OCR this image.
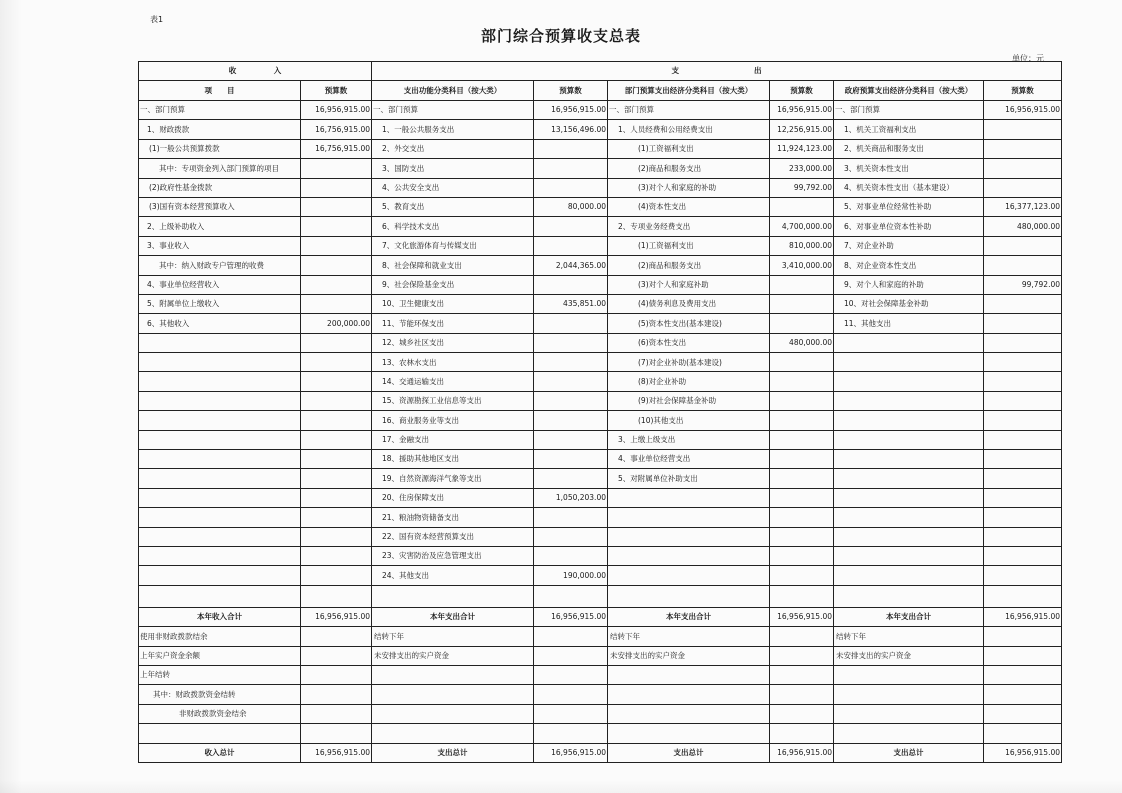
表1
部门综合预算收支总表
单位：元
收　　　　　入		支　　　　　　　　　　出					
项　　目	预算数	支出功能分类科目（按大类）	预算数	部门预算支出经济分类科目（按大类）	预算数	政府预算支出经济分类科目（按大类）	预算数
一、部门预算	16,956,915.00	一、部门预算	16,956,915.00	一、部门预算	16,956,915.00	一、部门预算	16,956,915.00
1、财政拨款	16,756,915.00	1、一般公共服务支出	13,156,496.00	1、人员经费和公用经费支出	12,256,915.00	1、机关工资福利支出	
(1)一般公共预算拨款	16,756,915.00	2、外交支出		(1)工资福利支出	11,924,123.00	2、机关商品和服务支出	
其中：专项资金列入部门预算的项目		3、国防支出		(2)商品和服务支出	233,000.00	3、机关资本性支出	
(2)政府性基金拨款		4、公共安全支出		(3)对个人和家庭的补助	99,792.00	4、机关资本性支出（基本建设）	
(3)国有资本经营预算收入		5、教育支出	80,000.00	(4)资本性支出		5、对事业单位经常性补助	16,377,123.00
2、上级补助收入		6、科学技术支出		2、专项业务经费支出	4,700,000.00	6、对事业单位资本性补助	480,000.00
3、事业收入		7、文化旅游体育与传媒支出		(1)工资福利支出	810,000.00	7、对企业补助	
其中：纳入财政专户管理的收费		8、社会保障和就业支出	2,044,365.00	(2)商品和服务支出	3,410,000.00	8、对企业资本性支出	
4、事业单位经营收入		9、社会保险基金支出		(3)对个人和家庭补助		9、对个人和家庭的补助	99,792.00
5、附属单位上缴收入		10、卫生健康支出	435,851.00	(4)债务利息及费用支出		10、对社会保障基金补助	
6、其他收入	200,000.00	11、节能环保支出		(5)资本性支出(基本建设)		11、其他支出	
		12、城乡社区支出		(6)资本性支出	480,000.00		
		13、农林水支出		(7)对企业补助(基本建设)			
		14、交通运输支出		(8)对企业补助			
		15、资源勘探工业信息等支出		(9)对社会保障基金补助			
		16、商业服务业等支出		(10)其他支出			
		17、金融支出		3、上缴上级支出			
		18、援助其他地区支出		4、事业单位经营支出			
		19、自然资源海洋气象等支出		5、对附属单位补助支出			
		20、住房保障支出	1,050,203.00				
		21、粮油物资储备支出					
		22、国有资本经营预算支出					
		23、灾害防治及应急管理支出					
		24、其他支出	190,000.00				

本年收入合计	16,956,915.00	本年支出合计	16,956,915.00	本年支出合计	16,956,915.00	本年支出合计	16,956,915.00
使用非财政拨款结余		结转下年		结转下年		结转下年	
上年实户资金余额		未安排支出的实户资金		未安排支出的实户资金		未安排支出的实户资金	
上年结转							
其中：财政拨款资金结转							
非财政拨款资金结余							

收入总计	16,956,915.00	支出总计	16,956,915.00	支出总计	16,956,915.00	支出总计	16,956,915.00
